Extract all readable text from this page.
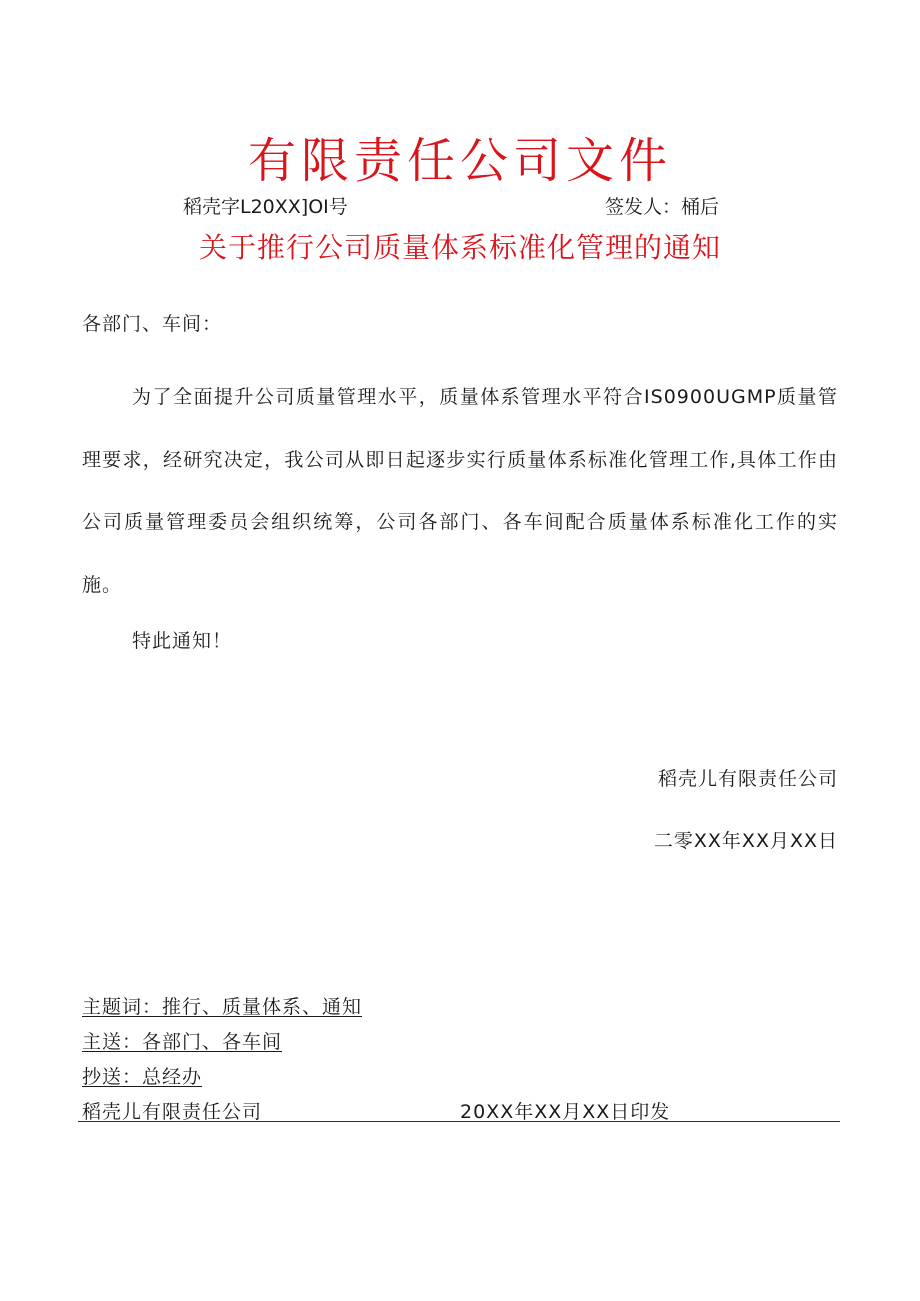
有限责任公司文件
稻壳字L20XX]OI号	签发人：桶后
关于推行公司质量体系标准化管理的通知
各部门、车间：
为了全面提升公司质量管理水平，质量体系管理水平符合IS0900UGMP质量管理要求，经研究决定，我公司从即日起逐步实行质量体系标准化管理工作,具体工作由公司质量管理委员会组织统筹，公司各部门、各车间配合质量体系标准化工作的实施。
特此通知！
稻壳儿有限责任公司
二零XX年XX月XX日
主题词：推行、质量体系、通知
主送：各部门、各车间
抄送：总经办
稻壳儿有限责任公司	20XX年XX月XX日印发
